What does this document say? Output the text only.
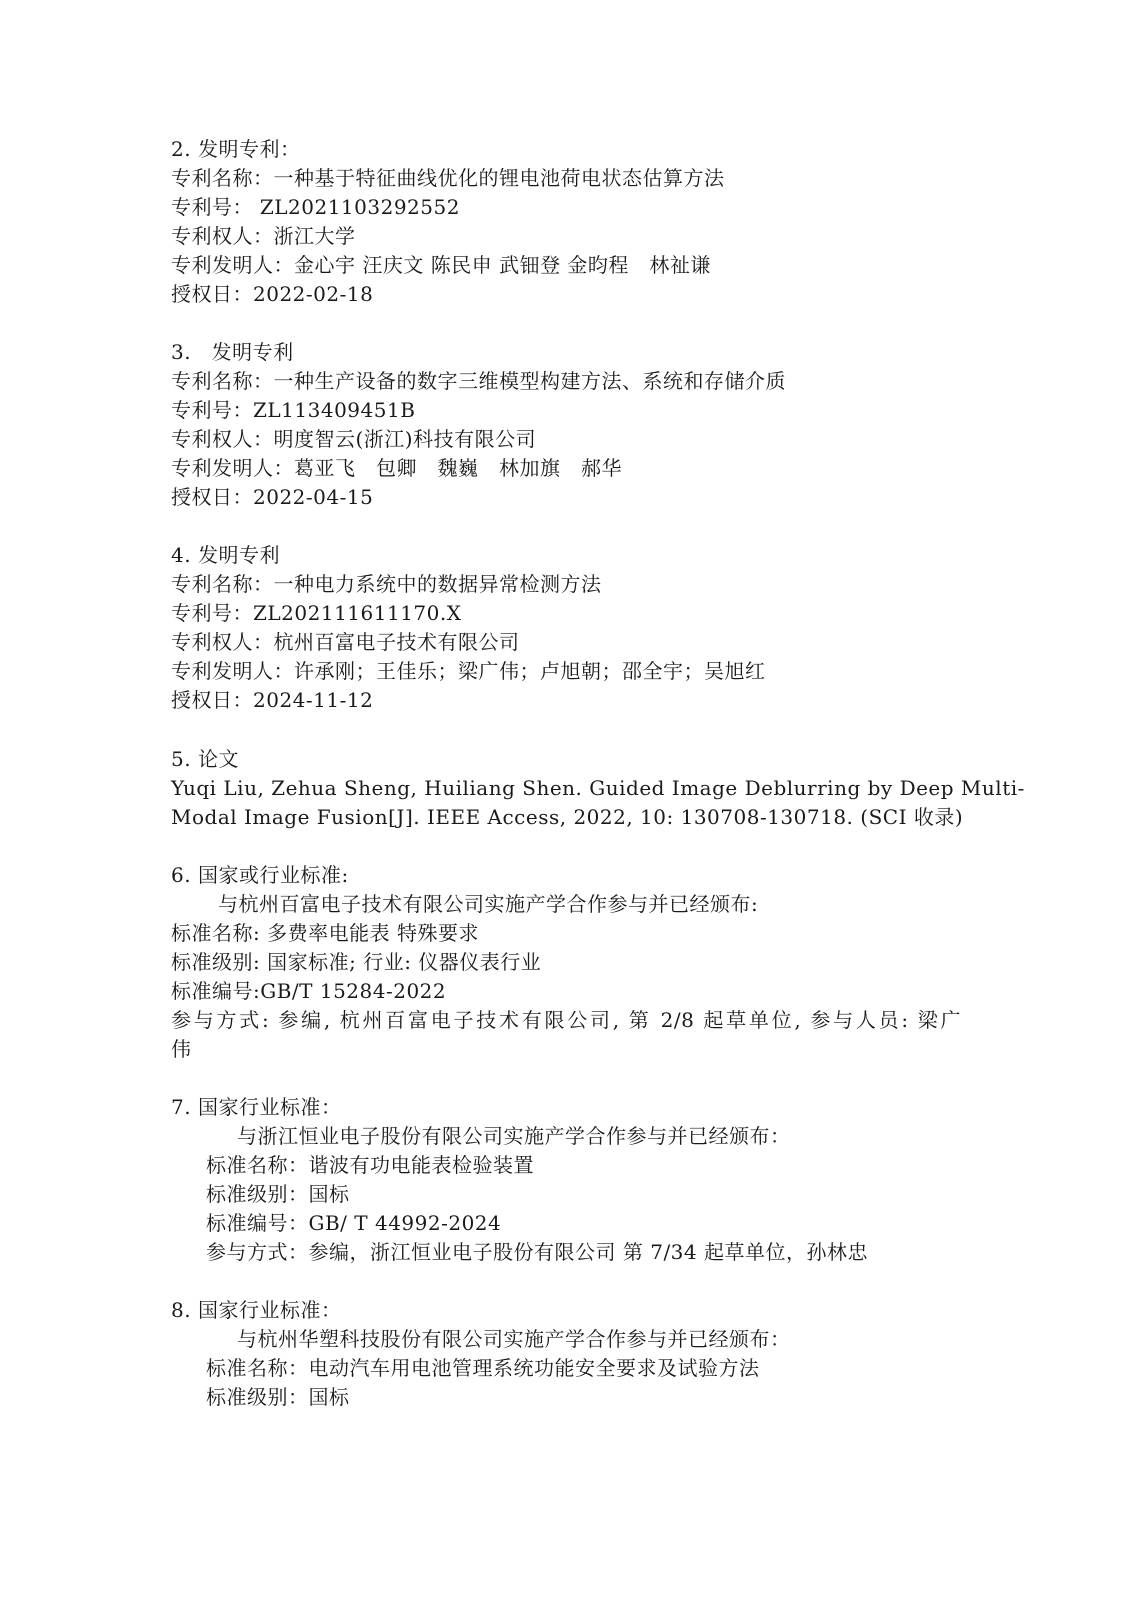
2. 发明专利：
专利名称：一种基于特征曲线优化的锂电池荷电状态估算方法
专利号： ZL2021103292552
专利权人：浙江大学
专利发明人：金心宇 汪庆文 陈民申 武钿登 金昀程　林祉谦
授权日：2022-02-18
3.　发明专利
专利名称：一种生产设备的数字三维模型构建方法、系统和存储介质
专利号：ZL113409451B
专利权人：明度智云(浙江)科技有限公司
专利发明人：葛亚飞　包卿　魏巍　林加旗　郝华
授权日：2022-04-15
4. 发明专利
专利名称：一种电力系统中的数据异常检测方法
专利号：ZL202111611170.X
专利权人：杭州百富电子技术有限公司
专利发明人：许承刚；王佳乐；梁广伟；卢旭朝；邵全宇；吴旭红
授权日：2024-11-12
5. 论文
Yuqi Liu, Zehua Sheng, Huiliang Shen. Guided Image Deblurring by Deep Multi-
Modal Image Fusion[J]. IEEE Access, 2022, 10: 130708-130718. (SCI 收录)
6. 国家或行业标准:
与杭州百富电子技术有限公司实施产学合作参与并已经颁布:
标准名称: 多费率电能表 特殊要求
标准级别: 国家标准; 行业: 仪器仪表行业
标准编号:GB/T 15284-2022
参与方式: 参编, 杭州百富电子技术有限公司, 第 2/8 起草单位, 参与人员: 梁广
伟
7. 国家行业标准：
与浙江恒业电子股份有限公司实施产学合作参与并已经颁布：
标准名称：谐波有功电能表检验装置
标准级别：国标
标准编号：GB/ T 44992-2024
参与方式：参编，浙江恒业电子股份有限公司 第 7/34 起草单位，孙林忠
8. 国家行业标准：
与杭州华塑科技股份有限公司实施产学合作参与并已经颁布：
标准名称：电动汽车用电池管理系统功能安全要求及试验方法
标准级别：国标
